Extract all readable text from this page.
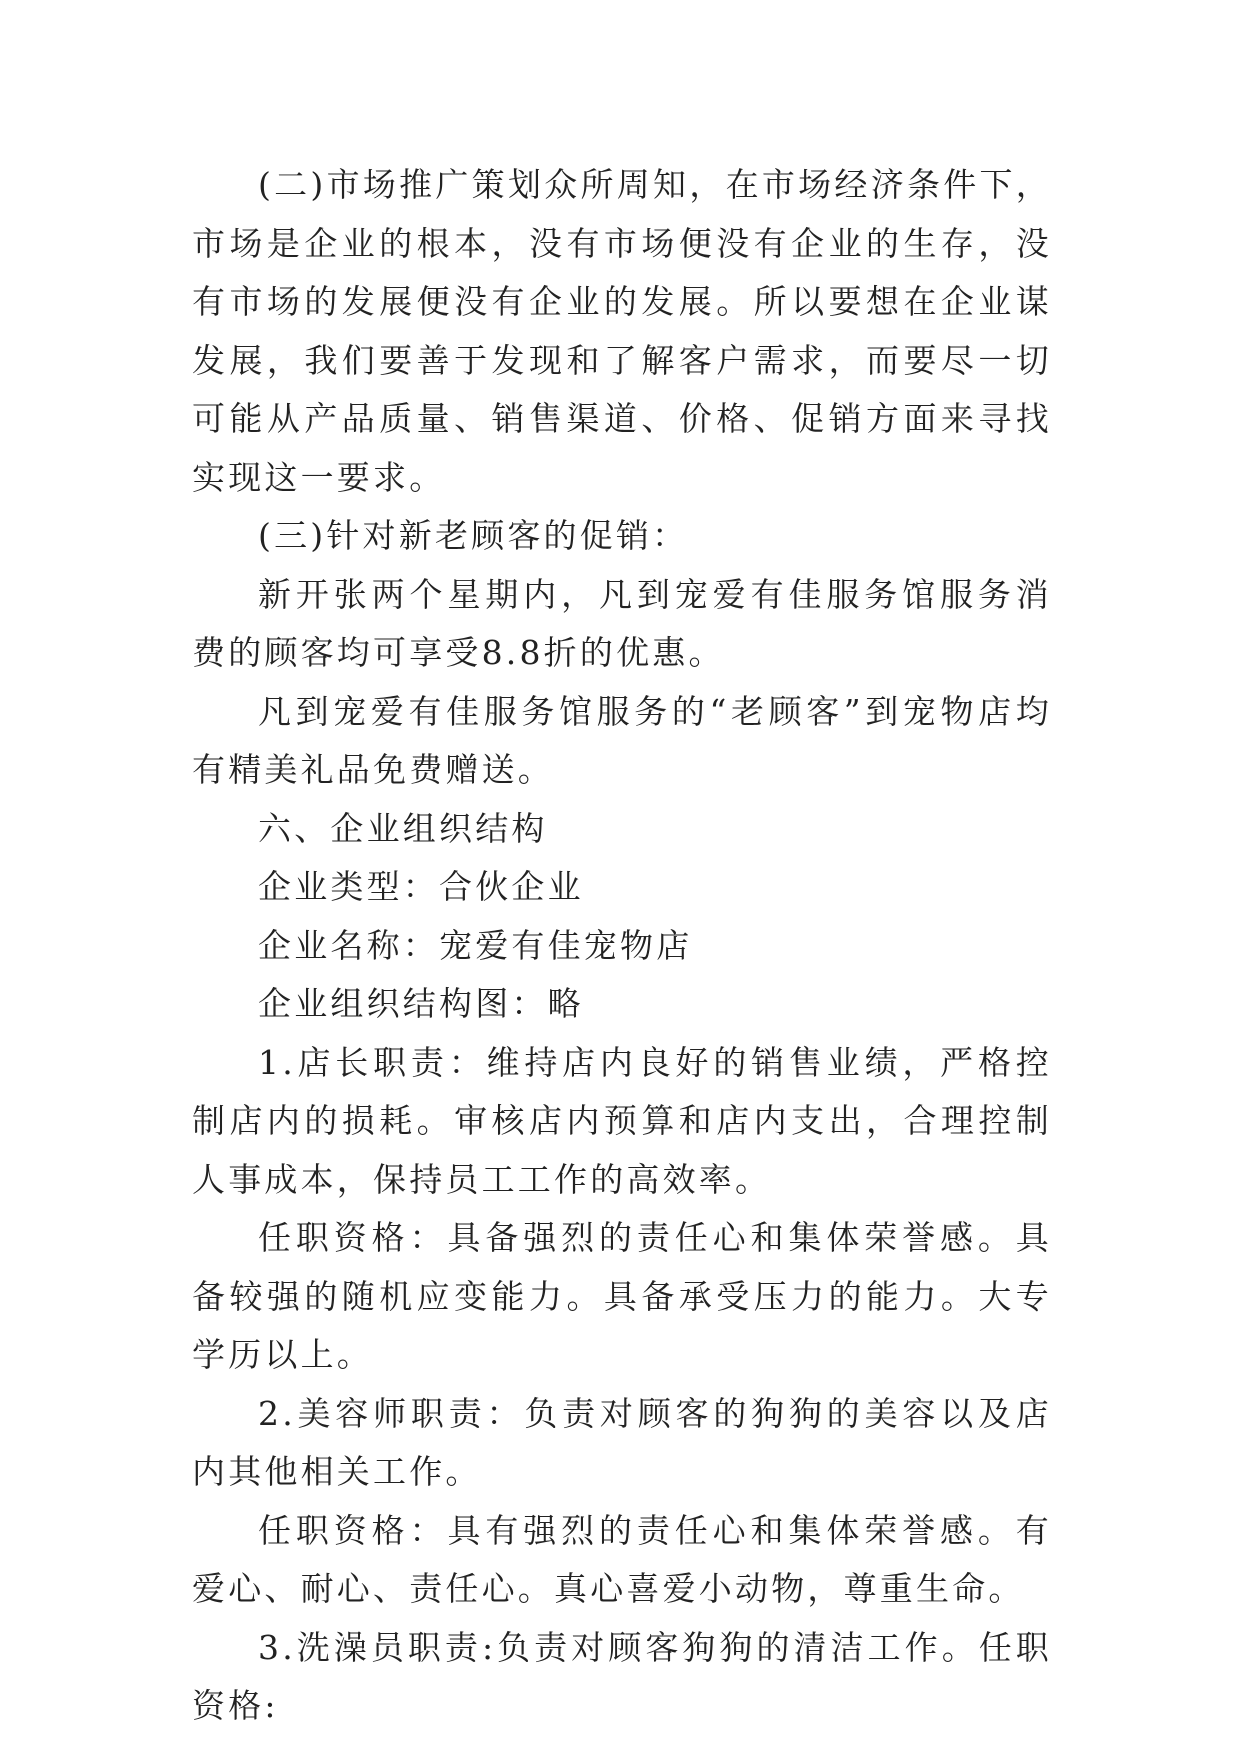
(二)市场推广策划众所周知，在市场经济条件下，市场是企业的根本，没有市场便没有企业的生存，没有市场的发展便没有企业的发展。所以要想在企业谋发展，我们要善于发现和了解客户需求，而要尽一切可能从产品质量、销售渠道、价格、促销方面来寻找实现这一要求。

(三)针对新老顾客的促销：

新开张两个星期内，凡到宠爱有佳服务馆服务消费的顾客均可享受8.8折的优惠。

凡到宠爱有佳服务馆服务的“老顾客”到宠物店均有精美礼品免费赠送。

六、企业组织结构

企业类型：合伙企业

企业名称：宠爱有佳宠物店

企业组织结构图：略

1.店长职责：维持店内良好的销售业绩，严格控制店内的损耗。审核店内预算和店内支出，合理控制人事成本，保持员工工作的高效率。

任职资格：具备强烈的责任心和集体荣誉感。具备较强的随机应变能力。具备承受压力的能力。大专学历以上。

2.美容师职责：负责对顾客的狗狗的美容以及店内其他相关工作。

任职资格：具有强烈的责任心和集体荣誉感。有爱心、耐心、责任心。真心喜爱小动物，尊重生命。

3.洗澡员职责:负责对顾客狗狗的清洁工作。任职资格:
